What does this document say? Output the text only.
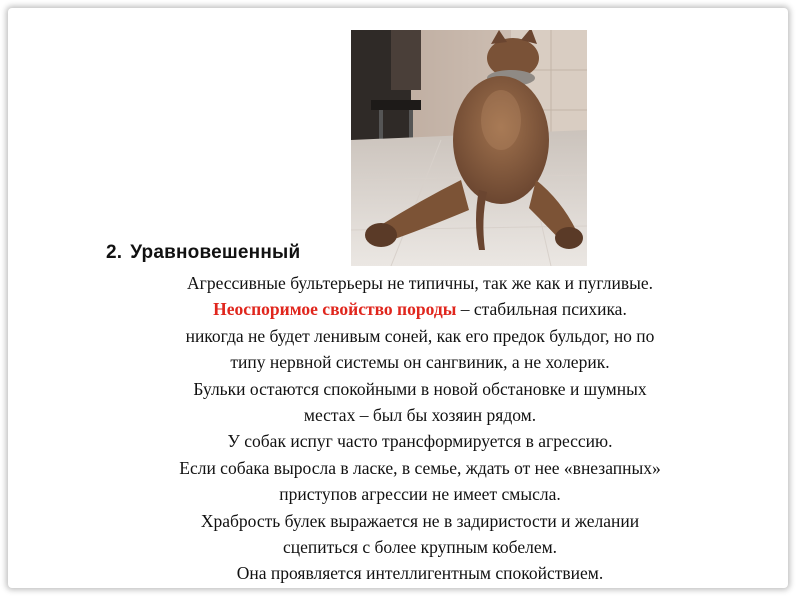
2. Уравновешенный

Агрессивные бультерьеры не типичны, так же как и пугливые.

Неоспоримое свойство породы – стабильная психика.

никогда не будет ленивым соней, как его предок бульдог, но по

типу нервной системы он сангвиник, а не холерик.

Бульки остаются спокойными в новой обстановке и шумных

местах – был бы хозяин рядом.

У собак испуг часто трансформируется в агрессию.

Если собака выросла в ласке, в семье, ждать от нее «внезапных»

приступов агрессии не имеет смысла.

Храбрость булек выражается не в задиристости и желании

сцепиться с более крупным кобелем.

Она проявляется интеллигентным спокойствием.
